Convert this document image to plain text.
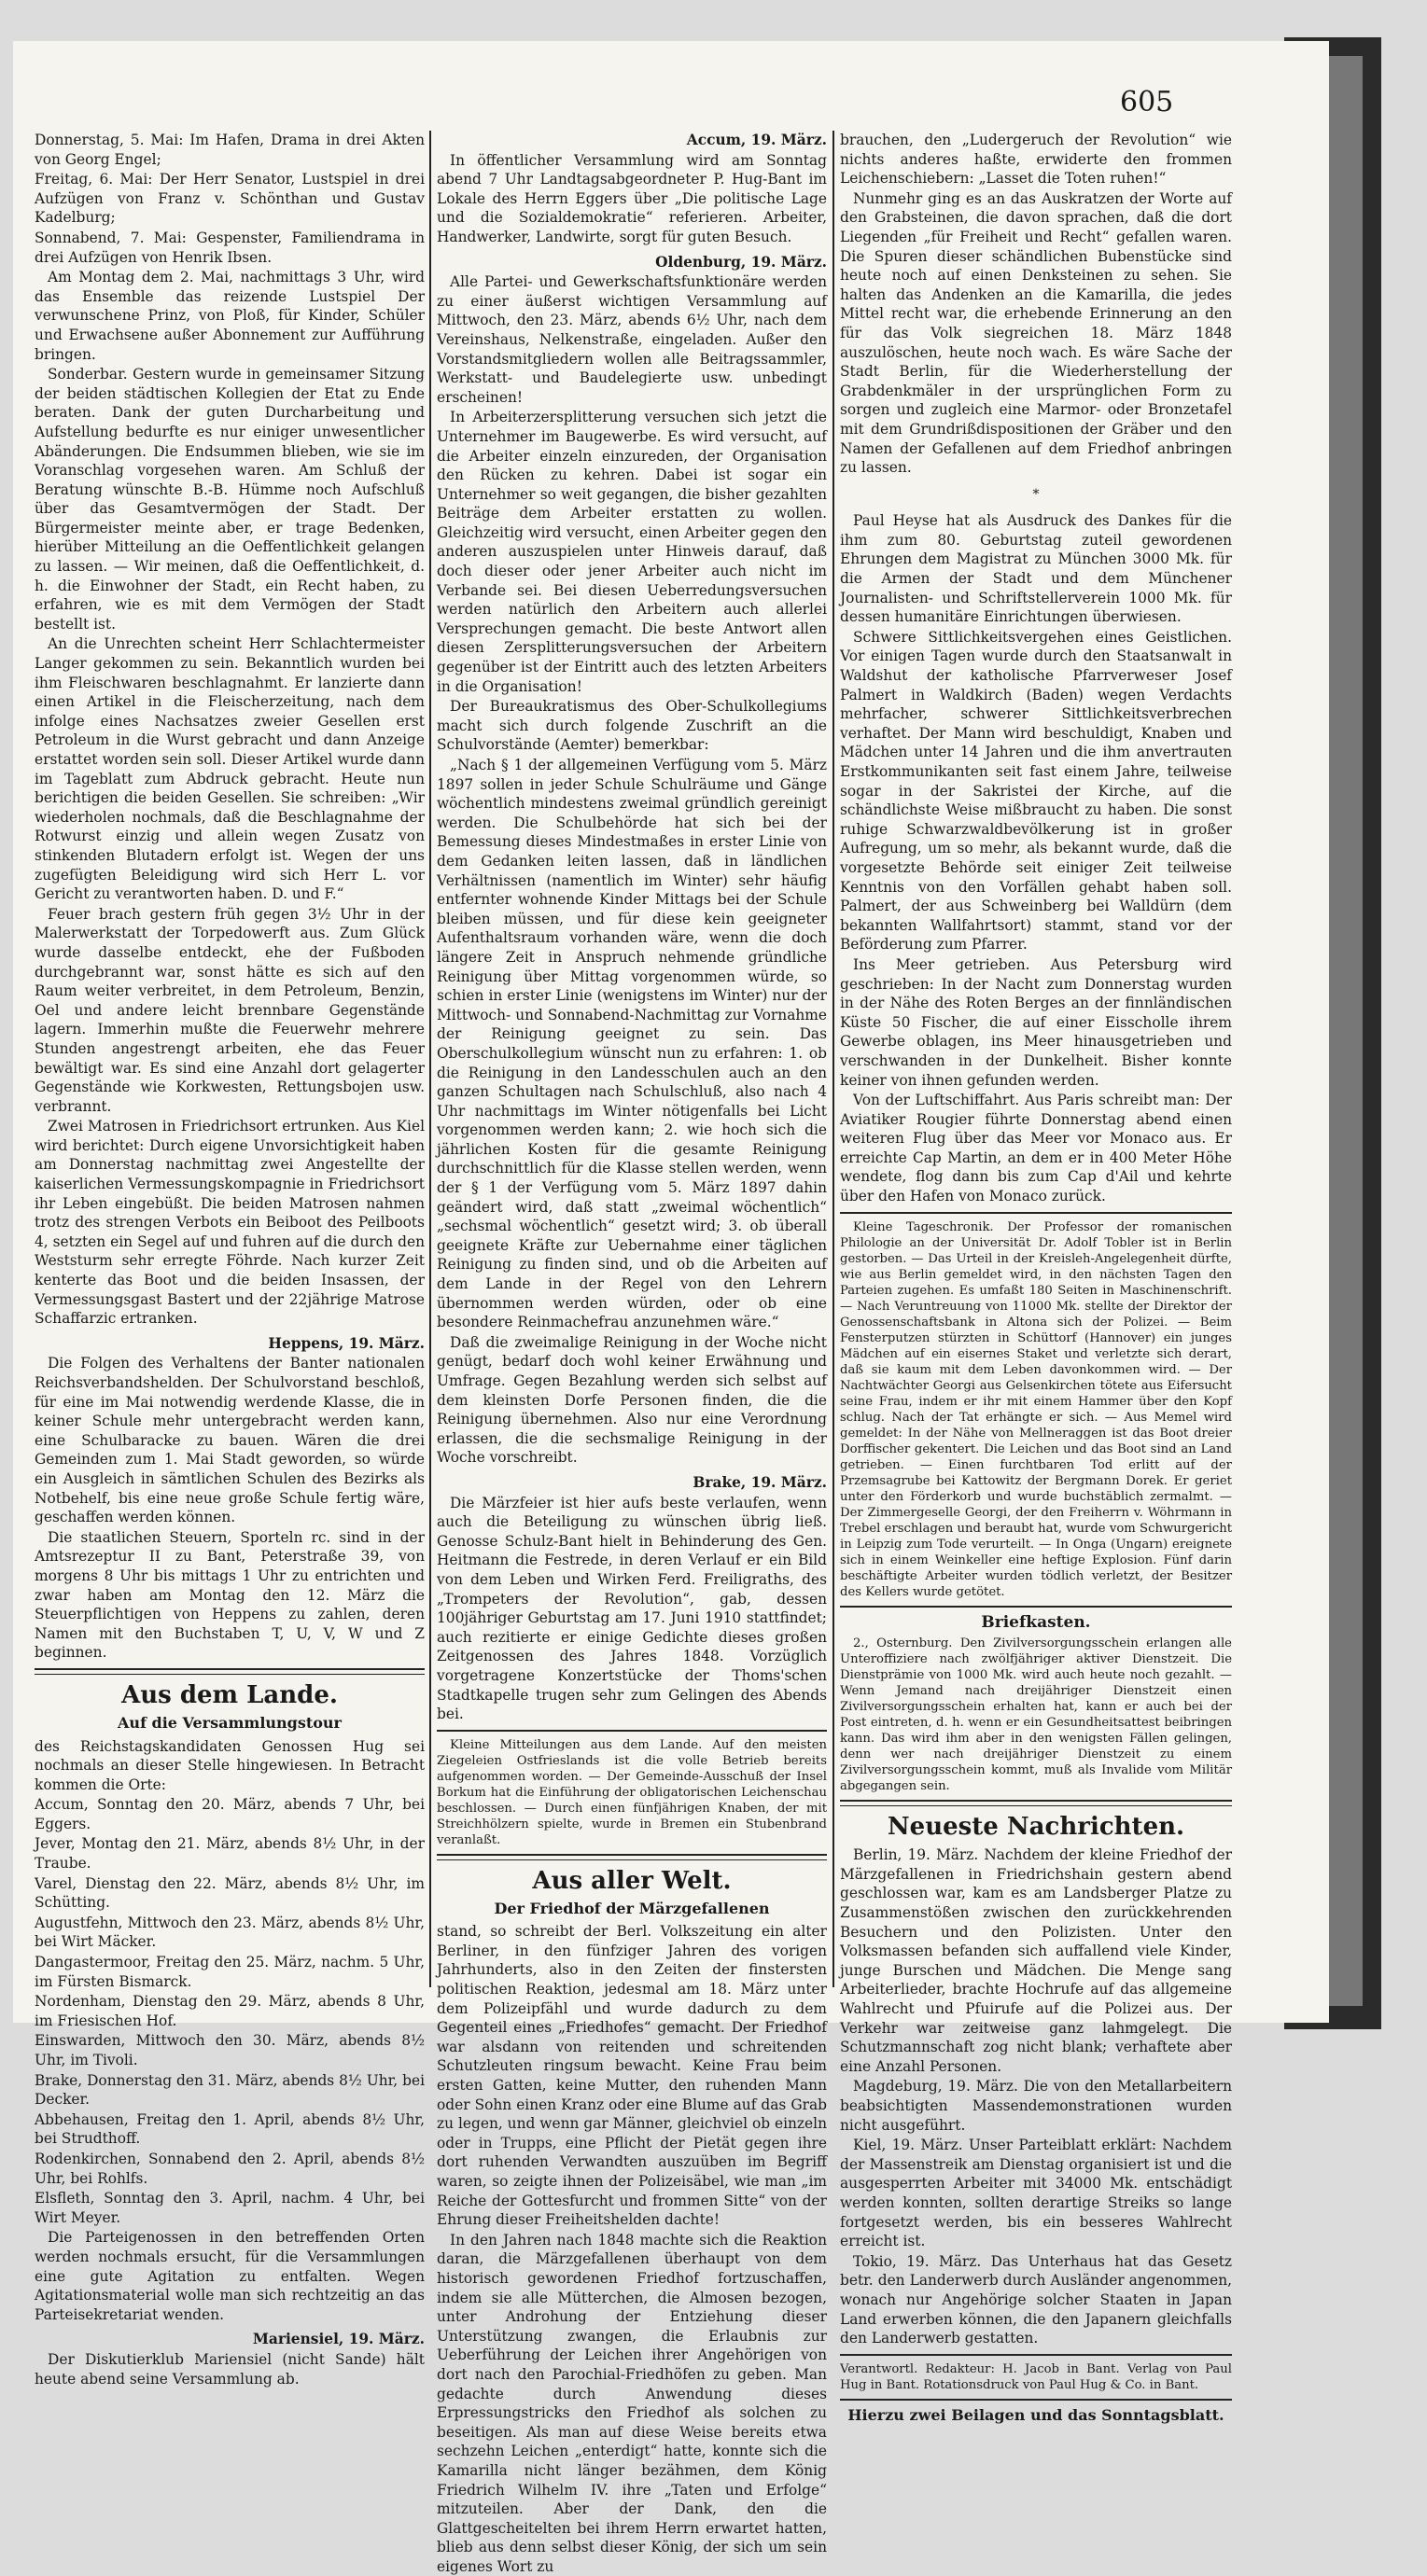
605

Donnerstag, 5. Mai: Im Hafen, Drama in drei Akten von Georg Engel;

Freitag, 6. Mai: Der Herr Senator, Lustspiel in drei Aufzügen von Franz v. Schönthan und Gustav Kadelburg;

Sonnabend, 7. Mai: Gespenster, Familiendrama in drei Aufzügen von Henrik Ibsen.

Am Montag dem 2. Mai, nachmittags 3 Uhr, wird das Ensemble das reizende Lustspiel Der verwunschene Prinz, von Ploß, für Kinder, Schüler und Erwachsene außer Abonnement zur Aufführung bringen.

Sonderbar. Gestern wurde in gemeinsamer Sitzung der beiden städtischen Kollegien der Etat zu Ende beraten. Dank der guten Durcharbeitung und Aufstellung bedurfte es nur einiger unwesentlicher Abänderungen. Die Endsummen blieben, wie sie im Voranschlag vorgesehen waren. Am Schluß der Beratung wünschte B.-B. Hümme noch Aufschluß über das Gesamtvermögen der Stadt. Der Bürgermeister meinte aber, er trage Bedenken, hierüber Mitteilung an die Oeffentlichkeit gelangen zu lassen. — Wir meinen, daß die Oeffentlichkeit, d. h. die Einwohner der Stadt, ein Recht haben, zu erfahren, wie es mit dem Vermögen der Stadt bestellt ist.

An die Unrechten scheint Herr Schlachtermeister Langer gekommen zu sein. Bekanntlich wurden bei ihm Fleischwaren beschlagnahmt. Er lanzierte dann einen Artikel in die Fleischerzeitung, nach dem infolge eines Nachsatzes zweier Gesellen erst Petroleum in die Wurst gebracht und dann Anzeige erstattet worden sein soll. Dieser Artikel wurde dann im Tageblatt zum Abdruck gebracht. Heute nun berichtigen die beiden Gesellen. Sie schreiben: „Wir wiederholen nochmals, daß die Beschlagnahme der Rotwurst einzig und allein wegen Zusatz von stinkenden Blutadern erfolgt ist. Wegen der uns zugefügten Beleidigung wird sich Herr L. vor Gericht zu verantworten haben. D. und F.“

Feuer brach gestern früh gegen 3½ Uhr in der Malerwerkstatt der Torpedowerft aus. Zum Glück wurde dasselbe entdeckt, ehe der Fußboden durchgebrannt war, sonst hätte es sich auf den Raum weiter verbreitet, in dem Petroleum, Benzin, Oel und andere leicht brennbare Gegenstände lagern. Immerhin mußte die Feuerwehr mehrere Stunden angestrengt arbeiten, ehe das Feuer bewältigt war. Es sind eine Anzahl dort gelagerter Gegenstände wie Korkwesten, Rettungsbojen usw. verbrannt.

Zwei Matrosen in Friedrichsort ertrunken. Aus Kiel wird berichtet: Durch eigene Unvorsichtigkeit haben am Donnerstag nachmittag zwei Angestellte der kaiserlichen Vermessungskompagnie in Friedrichsort ihr Leben eingebüßt. Die beiden Matrosen nahmen trotz des strengen Verbots ein Beiboot des Peilboots 4, setzten ein Segel auf und fuhren auf die durch den Weststurm sehr erregte Föhrde. Nach kurzer Zeit kenterte das Boot und die beiden Insassen, der Vermessungsgast Bastert und der 22jährige Matrose Schaffarzic ertranken.

Heppens, 19. März.

Die Folgen des Verhaltens der Banter nationalen Reichsverbandshelden. Der Schulvorstand beschloß, für eine im Mai notwendig werdende Klasse, die in keiner Schule mehr untergebracht werden kann, eine Schulbaracke zu bauen. Wären die drei Gemeinden zum 1. Mai Stadt geworden, so würde ein Ausgleich in sämtlichen Schulen des Bezirks als Notbehelf, bis eine neue große Schule fertig wäre, geschaffen werden können.

Die staatlichen Steuern, Sporteln rc. sind in der Amtsrezeptur II zu Bant, Peterstraße 39, von morgens 8 Uhr bis mittags 1 Uhr zu entrichten und zwar haben am Montag den 12. März die Steuerpflichtigen von Heppens zu zahlen, deren Namen mit den Buchstaben T, U, V, W und Z beginnen.

Aus dem Lande.
Auf die Versammlungstour

des Reichstagskandidaten Genossen Hug sei nochmals an dieser Stelle hingewiesen. In Betracht kommen die Orte:

Accum, Sonntag den 20. März, abends 7 Uhr, bei Eggers.

Jever, Montag den 21. März, abends 8½ Uhr, in der Traube.

Varel, Dienstag den 22. März, abends 8½ Uhr, im Schütting.

Augustfehn, Mittwoch den 23. März, abends 8½ Uhr, bei Wirt Mäcker.

Dangastermoor, Freitag den 25. März, nachm. 5 Uhr, im Fürsten Bismarck.

Nordenham, Dienstag den 29. März, abends 8 Uhr, im Friesischen Hof.

Einswarden, Mittwoch den 30. März, abends 8½ Uhr, im Tivoli.

Brake, Donnerstag den 31. März, abends 8½ Uhr, bei Decker.

Abbehausen, Freitag den 1. April, abends 8½ Uhr, bei Strudthoff.

Rodenkirchen, Sonnabend den 2. April, abends 8½ Uhr, bei Rohlfs.

Elsfleth, Sonntag den 3. April, nachm. 4 Uhr, bei Wirt Meyer.

Die Parteigenossen in den betreffenden Orten werden nochmals ersucht, für die Versammlungen eine gute Agitation zu entfalten. Wegen Agitationsmaterial wolle man sich rechtzeitig an das Parteisekretariat wenden.

Mariensiel, 19. März.

Der Diskutierklub Mariensiel (nicht Sande) hält heute abend seine Versammlung ab.

Accum, 19. März.

In öffentlicher Versammlung wird am Sonntag abend 7 Uhr Landtagsabgeordneter P. Hug-Bant im Lokale des Herrn Eggers über „Die politische Lage und die Sozialdemokratie“ referieren. Arbeiter, Handwerker, Landwirte, sorgt für guten Besuch.

Oldenburg, 19. März.

Alle Partei- und Gewerkschaftsfunktionäre werden zu einer äußerst wichtigen Versammlung auf Mittwoch, den 23. März, abends 6½ Uhr, nach dem Vereinshaus, Nelkenstraße, eingeladen. Außer den Vorstandsmitgliedern wollen alle Beitragssammler, Werkstatt- und Baudelegierte usw. unbedingt erscheinen!

In Arbeiterzersplitterung versuchen sich jetzt die Unternehmer im Baugewerbe. Es wird versucht, auf die Arbeiter einzeln einzureden, der Organisation den Rücken zu kehren. Dabei ist sogar ein Unternehmer so weit gegangen, die bisher gezahlten Beiträge dem Arbeiter erstatten zu wollen. Gleichzeitig wird versucht, einen Arbeiter gegen den anderen auszuspielen unter Hinweis darauf, daß doch dieser oder jener Arbeiter auch nicht im Verbande sei. Bei diesen Ueberredungsversuchen werden natürlich den Arbeitern auch allerlei Versprechungen gemacht. Die beste Antwort allen diesen Zersplitterungsversuchen der Arbeitern gegenüber ist der Eintritt auch des letzten Arbeiters in die Organisation!

Der Bureaukratismus des Ober-Schulkollegiums macht sich durch folgende Zuschrift an die Schulvorstände (Aemter) bemerkbar:

„Nach § 1 der allgemeinen Verfügung vom 5. März 1897 sollen in jeder Schule Schulräume und Gänge wöchentlich mindestens zweimal gründlich gereinigt werden. Die Schulbehörde hat sich bei der Bemessung dieses Mindestmaßes in erster Linie von dem Gedanken leiten lassen, daß in ländlichen Verhältnissen (namentlich im Winter) sehr häufig entfernter wohnende Kinder Mittags bei der Schule bleiben müssen, und für diese kein geeigneter Aufenthaltsraum vorhanden wäre, wenn die doch längere Zeit in Anspruch nehmende gründliche Reinigung über Mittag vorgenommen würde, so schien in erster Linie (wenigstens im Winter) nur der Mittwoch- und Sonnabend-Nachmittag zur Vornahme der Reinigung geeignet zu sein. Das Oberschulkollegium wünscht nun zu erfahren: 1. ob die Reinigung in den Landesschulen auch an den ganzen Schultagen nach Schulschluß, also nach 4 Uhr nachmittags im Winter nötigenfalls bei Licht vorgenommen werden kann; 2. wie hoch sich die jährlichen Kosten für die gesamte Reinigung durchschnittlich für die Klasse stellen werden, wenn der § 1 der Verfügung vom 5. März 1897 dahin geändert wird, daß statt „zweimal wöchentlich“ „sechsmal wöchentlich“ gesetzt wird; 3. ob überall geeignete Kräfte zur Uebernahme einer täglichen Reinigung zu finden sind, und ob die Arbeiten auf dem Lande in der Regel von den Lehrern übernommen werden würden, oder ob eine besondere Reinmachefrau anzunehmen wäre.“

Daß die zweimalige Reinigung in der Woche nicht genügt, bedarf doch wohl keiner Erwähnung und Umfrage. Gegen Bezahlung werden sich selbst auf dem kleinsten Dorfe Personen finden, die die Reinigung übernehmen. Also nur eine Verordnung erlassen, die die sechsmalige Reinigung in der Woche vorschreibt.

Brake, 19. März.

Die Märzfeier ist hier aufs beste verlaufen, wenn auch die Beteiligung zu wünschen übrig ließ. Genosse Schulz-Bant hielt in Behinderung des Gen. Heitmann die Festrede, in deren Verlauf er ein Bild von dem Leben und Wirken Ferd. Freiligraths, des „Trompeters der Revolution“, gab, dessen 100jähriger Geburtstag am 17. Juni 1910 stattfindet; auch rezitierte er einige Gedichte dieses großen Zeitgenossen des Jahres 1848. Vorzüglich vorgetragene Konzertstücke der Thoms'schen Stadtkapelle trugen sehr zum Gelingen des Abends bei.

Kleine Mitteilungen aus dem Lande. Auf den meisten Ziegeleien Ostfrieslands ist die volle Betrieb bereits aufgenommen worden. — Der Gemeinde-Ausschuß der Insel Borkum hat die Einführung der obligatorischen Leichenschau beschlossen. — Durch einen fünfjährigen Knaben, der mit Streichhölzern spielte, wurde in Bremen ein Stubenbrand veranlaßt.

Aus aller Welt.
Der Friedhof der Märzgefallenen

stand, so schreibt der Berl. Volkszeitung ein alter Berliner, in den fünfziger Jahren des vorigen Jahrhunderts, also in den Zeiten der finstersten politischen Reaktion, jedesmal am 18. März unter dem Polizeipfähl und wurde dadurch zu dem Gegenteil eines „Friedhofes“ gemacht. Der Friedhof war alsdann von reitenden und schreitenden Schutzleuten ringsum bewacht. Keine Frau beim ersten Gatten, keine Mutter, den ruhenden Mann oder Sohn einen Kranz oder eine Blume auf das Grab zu legen, und wenn gar Männer, gleichviel ob einzeln oder in Trupps, eine Pflicht der Pietät gegen ihre dort ruhenden Verwandten auszuüben im Begriff waren, so zeigte ihnen der Polizeisäbel, wie man „im Reiche der Gottesfurcht und frommen Sitte“ von der Ehrung dieser Freiheitshelden dachte!

In den Jahren nach 1848 machte sich die Reaktion daran, die Märzgefallenen überhaupt von dem historisch gewordenen Friedhof fortzuschaffen, indem sie alle Mütterchen, die Almosen bezogen, unter Androhung der Entziehung dieser Unterstützung zwangen, die Erlaubnis zur Ueberführung der Leichen ihrer Angehörigen von dort nach den Parochial-Friedhöfen zu geben. Man gedachte durch Anwendung dieses Erpressungstricks den Friedhof als solchen zu beseitigen. Als man auf diese Weise bereits etwa sechzehn Leichen „enterdigt“ hatte, konnte sich die Kamarilla nicht länger bezähmen, dem König Friedrich Wilhelm IV. ihre „Taten und Erfolge“ mitzuteilen. Aber der Dank, den die Glattgescheitelten bei ihrem Herrn erwartet hatten, blieb aus denn selbst dieser König, der sich um sein eigenes Wort zu

brauchen, den „Ludergeruch der Revolution“ wie nichts anderes haßte, erwiderte den frommen Leichenschiebern: „Lasset die Toten ruhen!“

Nunmehr ging es an das Auskratzen der Worte auf den Grabsteinen, die davon sprachen, daß die dort Liegenden „für Freiheit und Recht“ gefallen waren. Die Spuren dieser schändlichen Bubenstücke sind heute noch auf einen Denksteinen zu sehen. Sie halten das Andenken an die Kamarilla, die jedes Mittel recht war, die erhebende Erinnerung an den für das Volk siegreichen 18. März 1848 auszulöschen, heute noch wach. Es wäre Sache der Stadt Berlin, für die Wiederherstellung der Grabdenkmäler in der ursprünglichen Form zu sorgen und zugleich eine Marmor- oder Bronzetafel mit dem Grundrißdispositionen der Gräber und den Namen der Gefallenen auf dem Friedhof anbringen zu lassen.

*

Paul Heyse hat als Ausdruck des Dankes für die ihm zum 80. Geburtstag zuteil gewordenen Ehrungen dem Magistrat zu München 3000 Mk. für die Armen der Stadt und dem Münchener Journalisten- und Schriftstellerverein 1000 Mk. für dessen humanitäre Einrichtungen überwiesen.

Schwere Sittlichkeitsvergehen eines Geistlichen. Vor einigen Tagen wurde durch den Staatsanwalt in Waldshut der katholische Pfarrverweser Josef Palmert in Waldkirch (Baden) wegen Verdachts mehrfacher, schwerer Sittlichkeitsverbrechen verhaftet. Der Mann wird beschuldigt, Knaben und Mädchen unter 14 Jahren und die ihm anvertrauten Erstkommunikanten seit fast einem Jahre, teilweise sogar in der Sakristei der Kirche, auf die schändlichste Weise mißbraucht zu haben. Die sonst ruhige Schwarzwaldbevölkerung ist in großer Aufregung, um so mehr, als bekannt wurde, daß die vorgesetzte Behörde seit einiger Zeit teilweise Kenntnis von den Vorfällen gehabt haben soll. Palmert, der aus Schweinberg bei Walldürn (dem bekannten Wallfahrtsort) stammt, stand vor der Beförderung zum Pfarrer.

Ins Meer getrieben. Aus Petersburg wird geschrieben: In der Nacht zum Donnerstag wurden in der Nähe des Roten Berges an der finnländischen Küste 50 Fischer, die auf einer Eisscholle ihrem Gewerbe oblagen, ins Meer hinausgetrieben und verschwanden in der Dunkelheit. Bisher konnte keiner von ihnen gefunden werden.

Von der Luftschiffahrt. Aus Paris schreibt man: Der Aviatiker Rougier führte Donnerstag abend einen weiteren Flug über das Meer vor Monaco aus. Er erreichte Cap Martin, an dem er in 400 Meter Höhe wendete, flog dann bis zum Cap d'Ail und kehrte über den Hafen von Monaco zurück.

Kleine Tageschronik. Der Professor der romanischen Philologie an der Universität Dr. Adolf Tobler ist in Berlin gestorben. — Das Urteil in der Kreisleh-Angelegenheit dürfte, wie aus Berlin gemeldet wird, in den nächsten Tagen den Parteien zugehen. Es umfaßt 180 Seiten in Maschinenschrift. — Nach Veruntreuung von 11000 Mk. stellte der Direktor der Genossenschaftsbank in Altona sich der Polizei. — Beim Fensterputzen stürzten in Schüttorf (Hannover) ein junges Mädchen auf ein eisernes Staket und verletzte sich derart, daß sie kaum mit dem Leben davonkommen wird. — Der Nachtwächter Georgi aus Gelsenkirchen tötete aus Eifersucht seine Frau, indem er ihr mit einem Hammer über den Kopf schlug. Nach der Tat erhängte er sich. — Aus Memel wird gemeldet: In der Nähe von Mellneraggen ist das Boot dreier Dorffischer gekentert. Die Leichen und das Boot sind an Land getrieben. — Einen furchtbaren Tod erlitt auf der Przemsagrube bei Kattowitz der Bergmann Dorek. Er geriet unter den Förderkorb und wurde buchstäblich zermalmt. — Der Zimmergeselle Georgi, der den Freiherrn v. Wöhrmann in Trebel erschlagen und beraubt hat, wurde vom Schwurgericht in Leipzig zum Tode verurteilt. — In Onga (Ungarn) ereignete sich in einem Weinkeller eine heftige Explosion. Fünf darin beschäftigte Arbeiter wurden tödlich verletzt, der Besitzer des Kellers wurde getötet.

Briefkasten.

2., Osternburg. Den Zivilversorgungsschein erlangen alle Unteroffiziere nach zwölfjähriger aktiver Dienstzeit. Die Dienstprämie von 1000 Mk. wird auch heute noch gezahlt. — Wenn Jemand nach dreijähriger Dienstzeit einen Zivilversorgungsschein erhalten hat, kann er auch bei der Post eintreten, d. h. wenn er ein Gesundheitsattest beibringen kann. Das wird ihm aber in den wenigsten Fällen gelingen, denn wer nach dreijähriger Dienstzeit zu einem Zivilversorgungsschein kommt, muß als Invalide vom Militär abgegangen sein.

Neueste Nachrichten.

Berlin, 19. März. Nachdem der kleine Friedhof der Märzgefallenen in Friedrichshain gestern abend geschlossen war, kam es am Landsberger Platze zu Zusammenstößen zwischen den zurückkehrenden Besuchern und den Polizisten. Unter den Volksmassen befanden sich auffallend viele Kinder, junge Burschen und Mädchen. Die Menge sang Arbeiterlieder, brachte Hochrufe auf das allgemeine Wahlrecht und Pfuirufe auf die Polizei aus. Der Verkehr war zeitweise ganz lahmgelegt. Die Schutzmannschaft zog nicht blank; verhaftete aber eine Anzahl Personen.

Magdeburg, 19. März. Die von den Metallarbeitern beabsichtigten Massendemonstrationen wurden nicht ausgeführt.

Kiel, 19. März. Unser Parteiblatt erklärt: Nachdem der Massenstreik am Dienstag organisiert ist und die ausgesperrten Arbeiter mit 34000 Mk. entschädigt werden konnten, sollten derartige Streiks so lange fortgesetzt werden, bis ein besseres Wahlrecht erreicht ist.

Tokio, 19. März. Das Unterhaus hat das Gesetz betr. den Landerwerb durch Ausländer angenommen, wonach nur Angehörige solcher Staaten in Japan Land erwerben können, die den Japanern gleichfalls den Landerwerb gestatten.

Verantwortl. Redakteur: H. Jacob in Bant. Verlag von Paul Hug in Bant. Rotationsdruck von Paul Hug & Co. in Bant.

Hierzu zwei Beilagen und das Sonntagsblatt.
